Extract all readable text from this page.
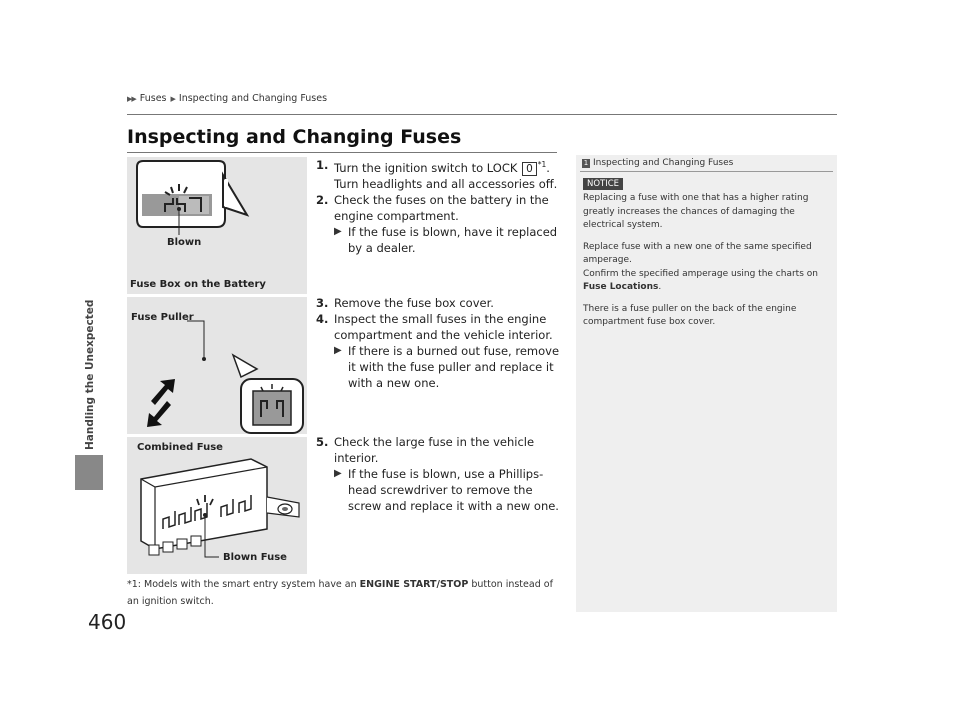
▶▶ Fuses ▶ Inspecting and Changing Fuses
Inspecting and Changing Fuses
Handling the Unexpected
Blown
Fuse Box on the Battery
Fuse Puller
Combined Fuse
Blown Fuse
1. Turn the ignition switch to LOCK 0 $^{*1}$. Turn headlights and all accessories off.
2. Check the fuses on the battery in the engine compartment.
▶ If the fuse is blown, have it replaced by a dealer.
3. Remove the fuse box cover.
4. Inspect the small fuses in the engine compartment and the vehicle interior.
▶ If there is a burned out fuse, remove it with the fuse puller and replace it with a new one.
5. Check the large fuse in the vehicle interior.
▶ If the fuse is blown, use a Phillips-head screwdriver to remove the screw and replace it with a new one.
*1: Models with the smart entry system have an ENGINE START/STOP button instead of an ignition switch.
1 Inspecting and Changing Fuses
NOTICE

Replacing a fuse with one that has a higher rating greatly increases the chances of damaging the electrical system.

Replace fuse with a new one of the same specified amperage.
Confirm the specified amperage using the charts on Fuse Locations.

There is a fuse puller on the back of the engine compartment fuse box cover.

460
